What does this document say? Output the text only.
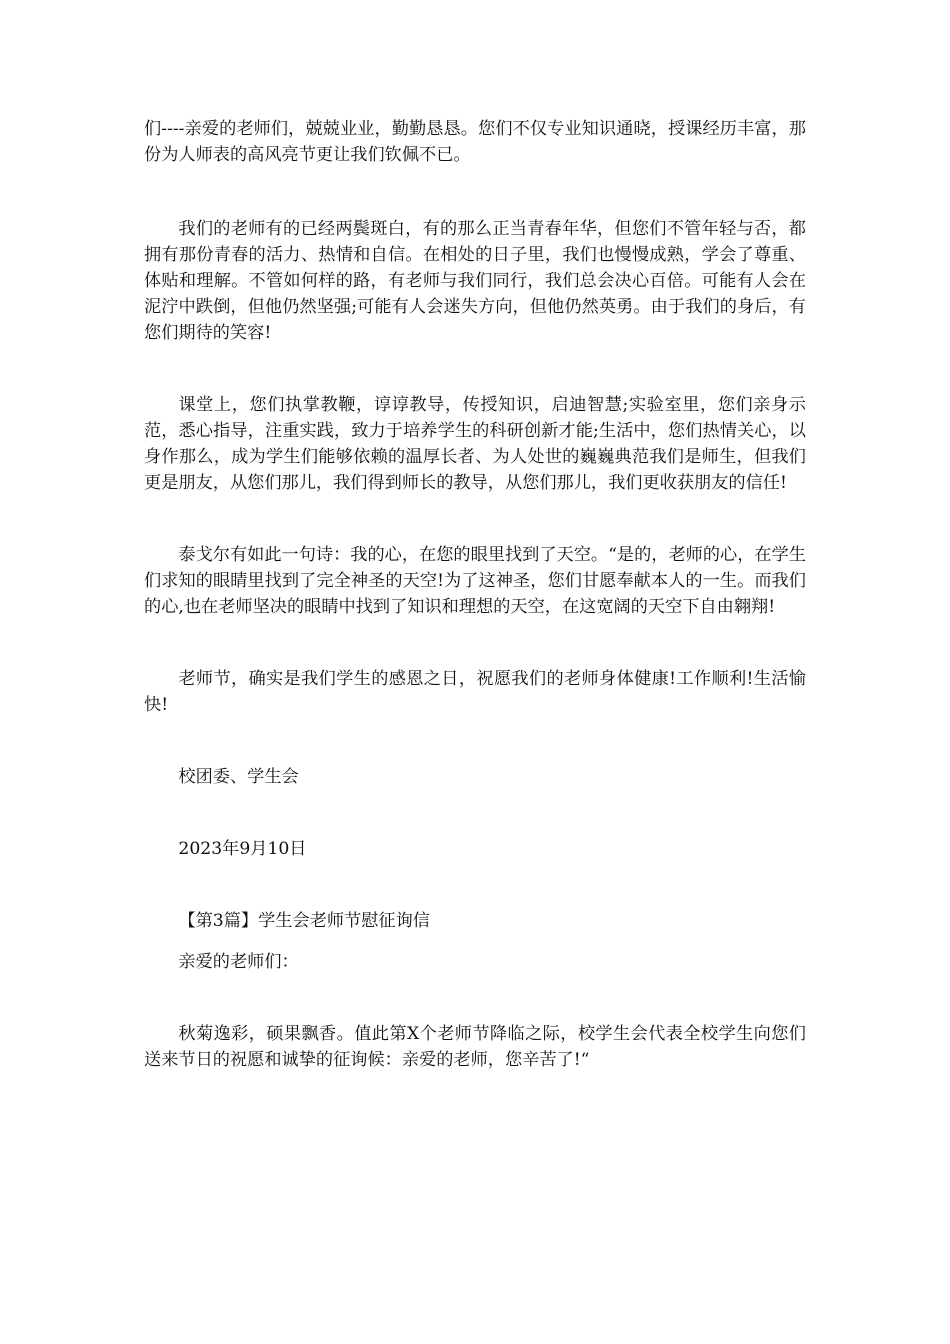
们----亲爱的老师们，兢兢业业，勤勤恳恳。您们不仅专业知识通晓，授课经历丰富，那份为人师表的高风亮节更让我们钦佩不已。

我们的老师有的已经两鬓斑白，有的那么正当青春年华，但您们不管年轻与否，都拥有那份青春的活力、热情和自信。在相处的日子里，我们也慢慢成熟，学会了尊重、体贴和理解。不管如何样的路，有老师与我们同行，我们总会决心百倍。可能有人会在泥泞中跌倒，但他仍然坚强;可能有人会迷失方向，但他仍然英勇。由于我们的身后，有您们期待的笑容!

课堂上，您们执掌教鞭，谆谆教导，传授知识，启迪智慧;实验室里，您们亲身示范，悉心指导，注重实践，致力于培养学生的科研创新才能;生活中，您们热情关心，以身作那么，成为学生们能够依赖的温厚长者、为人处世的巍巍典范我们是师生，但我们更是朋友，从您们那儿，我们得到师长的教导，从您们那儿，我们更收获朋友的信任!

泰戈尔有如此一句诗：我的心，在您的眼里找到了天空。“是的，老师的心，在学生们求知的眼睛里找到了完全神圣的天空!为了这神圣，您们甘愿奉献本人的一生。而我们的心,也在老师坚决的眼睛中找到了知识和理想的天空，在这宽阔的天空下自由翱翔!

老师节，确实是我们学生的感恩之日，祝愿我们的老师身体健康!工作顺利!生活愉快!

校团委、学生会

2023年9月10日

【第3篇】学生会老师节慰征询信

亲爱的老师们：

秋菊逸彩，硕果飘香。值此第X个老师节降临之际，校学生会代表全校学生向您们送来节日的祝愿和诚挚的征询候：亲爱的老师，您辛苦了!“
